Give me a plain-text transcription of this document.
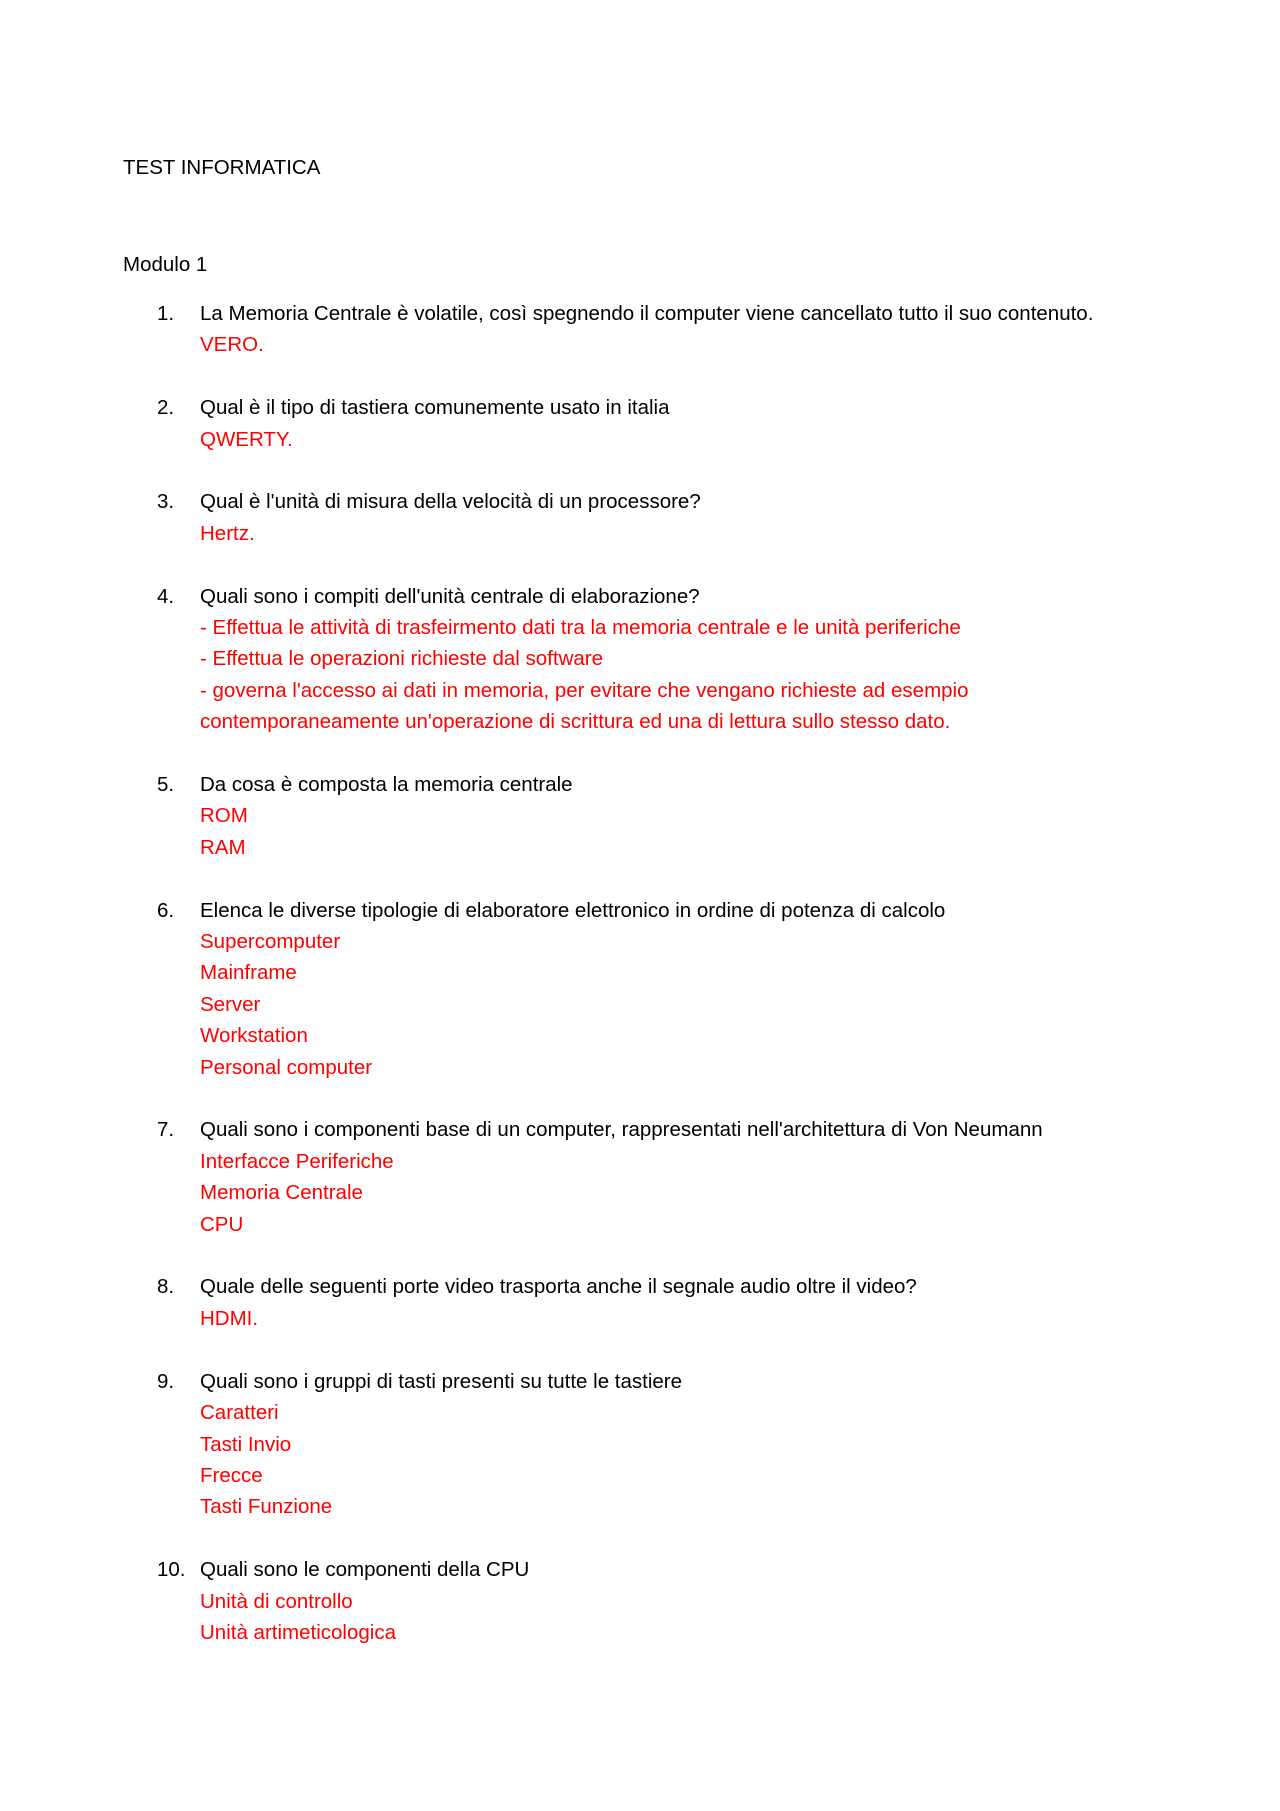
TEST INFORMATICA
Modulo 1
1.	La Memoria Centrale è volatile, così spegnendo il computer viene cancellato tutto il suo contenuto.
VERO.
2.	Qual è il tipo di tastiera comunemente usato in italia
QWERTY.
3.	Qual è l'unità di misura della velocità di un processore?
Hertz.
4.	Quali sono i compiti dell'unità centrale di elaborazione?
- Effettua le attività di trasfeirmento dati tra la memoria centrale e le unità periferiche
- Effettua le operazioni richieste dal software
- governa l'accesso ai dati in memoria, per evitare che vengano richieste ad esempio contemporaneamente un'operazione di scrittura ed una di lettura sullo stesso dato.
5.	Da cosa è composta la memoria centrale
ROM
RAM
6.	Elenca le diverse tipologie di elaboratore elettronico in ordine di potenza di calcolo
Supercomputer
Mainframe
Server
Workstation
Personal computer
7.	Quali sono i componenti base di un computer, rappresentati nell'architettura di Von Neumann
Interfacce Periferiche
Memoria Centrale
CPU
8.	Quale delle seguenti porte video trasporta anche il segnale audio oltre il video?
HDMI.
9.	Quali sono i gruppi di tasti presenti su tutte le tastiere
Caratteri
Tasti Invio
Frecce
Tasti Funzione
10. Quali sono le componenti della CPU
Unità di controllo
Unità artimeticologica
